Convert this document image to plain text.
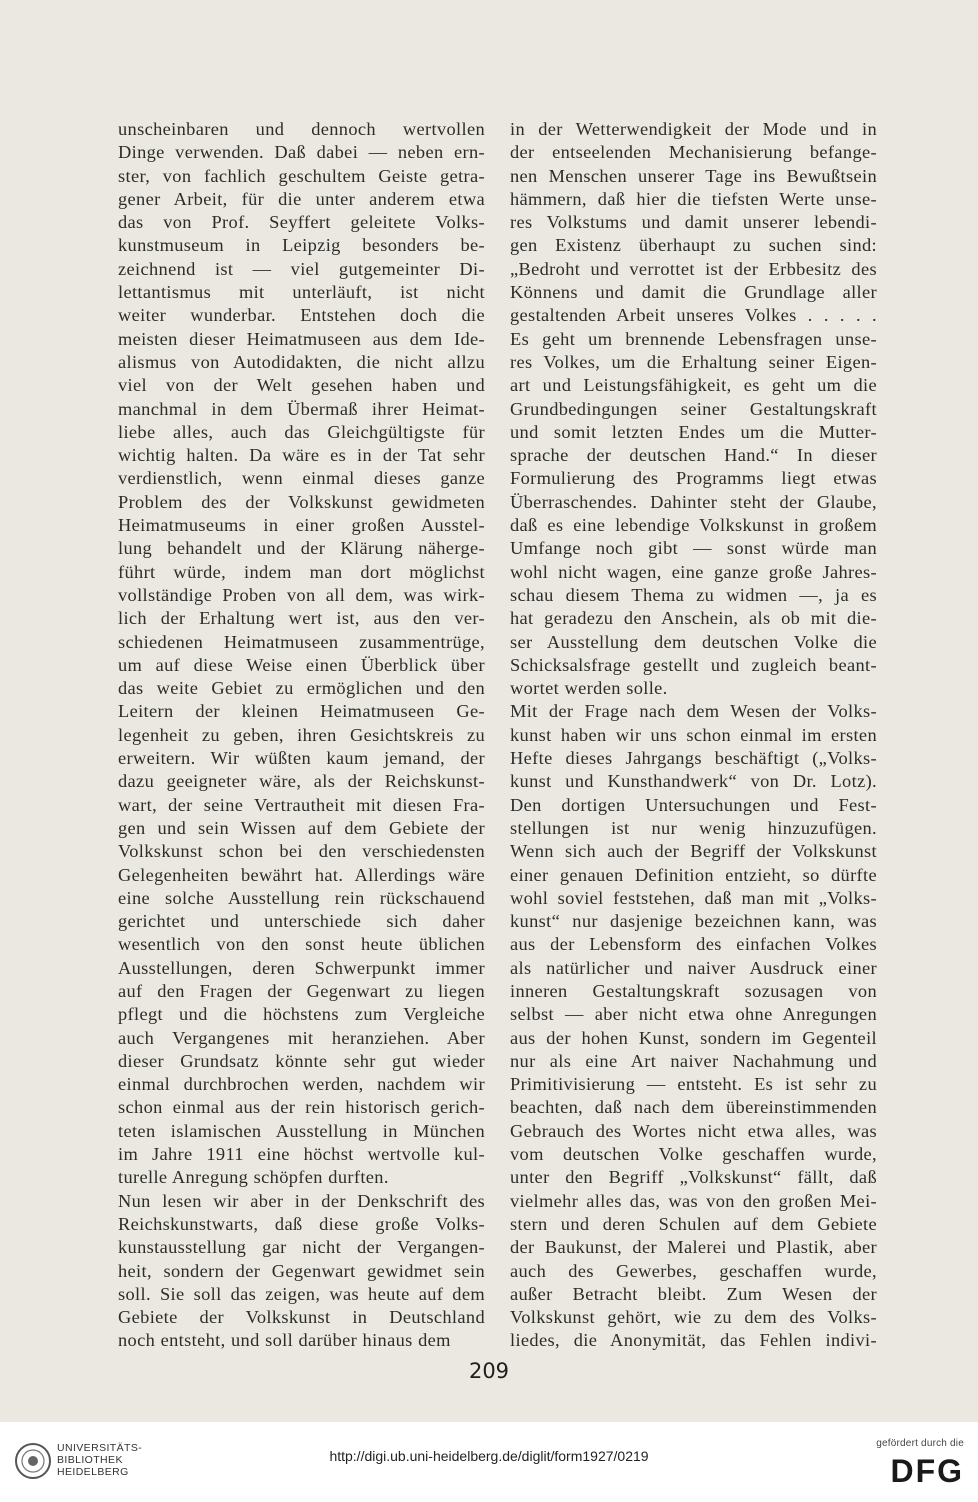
unscheinbaren und dennoch wertvollen

Dinge verwenden. Daß dabei — neben ern-

ster, von fachlich geschultem Geiste getra-

gener Arbeit, für die unter anderem etwa

das von Prof. Seyffert geleitete Volks-

kunstmuseum in Leipzig besonders be-

zeichnend ist — viel gutgemeinter Di-

lettantismus mit unterläuft, ist nicht

weiter wunderbar. Entstehen doch die

meisten dieser Heimatmuseen aus dem Ide-

alismus von Autodidakten, die nicht allzu

viel von der Welt gesehen haben und

manchmal in dem Übermaß ihrer Heimat-

liebe alles, auch das Gleichgültigste für

wichtig halten. Da wäre es in der Tat sehr

verdienstlich, wenn einmal dieses ganze

Problem des der Volkskunst gewidmeten

Heimatmuseums in einer großen Ausstel-

lung behandelt und der Klärung näherge-

führt würde, indem man dort möglichst

vollständige Proben von all dem, was wirk-

lich der Erhaltung wert ist, aus den ver-

schiedenen Heimatmuseen zusammentrüge,

um auf diese Weise einen Überblick über

das weite Gebiet zu ermöglichen und den

Leitern der kleinen Heimatmuseen Ge-

legenheit zu geben, ihren Gesichtskreis zu

erweitern. Wir wüßten kaum jemand, der

dazu geeigneter wäre, als der Reichskunst-

wart, der seine Vertrautheit mit diesen Fra-

gen und sein Wissen auf dem Gebiete der

Volkskunst schon bei den verschiedensten

Gelegenheiten bewährt hat. Allerdings wäre

eine solche Ausstellung rein rückschauend

gerichtet und unterschiede sich daher

wesentlich von den sonst heute üblichen

Ausstellungen, deren Schwerpunkt immer

auf den Fragen der Gegenwart zu liegen

pflegt und die höchstens zum Vergleiche

auch Vergangenes mit heranziehen. Aber

dieser Grundsatz könnte sehr gut wieder

einmal durchbrochen werden, nachdem wir

schon einmal aus der rein historisch gerich-

teten islamischen Ausstellung in München

im Jahre 1911 eine höchst wertvolle kul-

turelle Anregung schöpfen durften.

Nun lesen wir aber in der Denkschrift des

Reichskunstwarts, daß diese große Volks-

kunstausstellung gar nicht der Vergangen-

heit, sondern der Gegenwart gewidmet sein

soll. Sie soll das zeigen, was heute auf dem

Gebiete der Volkskunst in Deutschland

noch entsteht, und soll darüber hinaus dem

in der Wetterwendigkeit der Mode und in

der entseelenden Mechanisierung befange-

nen Menschen unserer Tage ins Bewußtsein

hämmern, daß hier die tiefsten Werte unse-

res Volkstums und damit unserer lebendi-

gen Existenz überhaupt zu suchen sind:

„Bedroht und verrottet ist der Erbbesitz des

Könnens und damit die Grundlage aller

gestaltenden Arbeit unseres Volkes . . . . .

Es geht um brennende Lebensfragen unse-

res Volkes, um die Erhaltung seiner Eigen-

art und Leistungsfähigkeit, es geht um die

Grundbedingungen seiner Gestaltungskraft

und somit letzten Endes um die Mutter-

sprache der deutschen Hand.“ In dieser

Formulierung des Programms liegt etwas

Überraschendes. Dahinter steht der Glaube,

daß es eine lebendige Volkskunst in großem

Umfange noch gibt — sonst würde man

wohl nicht wagen, eine ganze große Jahres-

schau diesem Thema zu widmen —, ja es

hat geradezu den Anschein, als ob mit die-

ser Ausstellung dem deutschen Volke die

Schicksalsfrage gestellt und zugleich beant-

wortet werden solle.

Mit der Frage nach dem Wesen der Volks-

kunst haben wir uns schon einmal im ersten

Hefte dieses Jahrgangs beschäftigt („Volks-

kunst und Kunsthandwerk“ von Dr. Lotz).

Den dortigen Untersuchungen und Fest-

stellungen ist nur wenig hinzuzufügen.

Wenn sich auch der Begriff der Volkskunst

einer genauen Definition entzieht, so dürfte

wohl soviel feststehen, daß man mit „Volks-

kunst“ nur dasjenige bezeichnen kann, was

aus der Lebensform des einfachen Volkes

als natürlicher und naiver Ausdruck einer

inneren Gestaltungskraft sozusagen von

selbst — aber nicht etwa ohne Anregungen

aus der hohen Kunst, sondern im Gegenteil

nur als eine Art naiver Nachahmung und

Primitivisierung — entsteht. Es ist sehr zu

beachten, daß nach dem übereinstimmenden

Gebrauch des Wortes nicht etwa alles, was

vom deutschen Volke geschaffen wurde,

unter den Begriff „Volkskunst“ fällt, daß

vielmehr alles das, was von den großen Mei-

stern und deren Schulen auf dem Gebiete

der Baukunst, der Malerei und Plastik, aber

auch des Gewerbes, geschaffen wurde,

außer Betracht bleibt. Zum Wesen der

Volkskunst gehört, wie zu dem des Volks-

liedes, die Anonymität, das Fehlen indivi-

209
UNIVERSITÄTS-
BIBLIOTHEK
HEIDELBERG
http://digi.ub.uni-heidelberg.de/diglit/form1927/0219
gefördert durch die
DFG
